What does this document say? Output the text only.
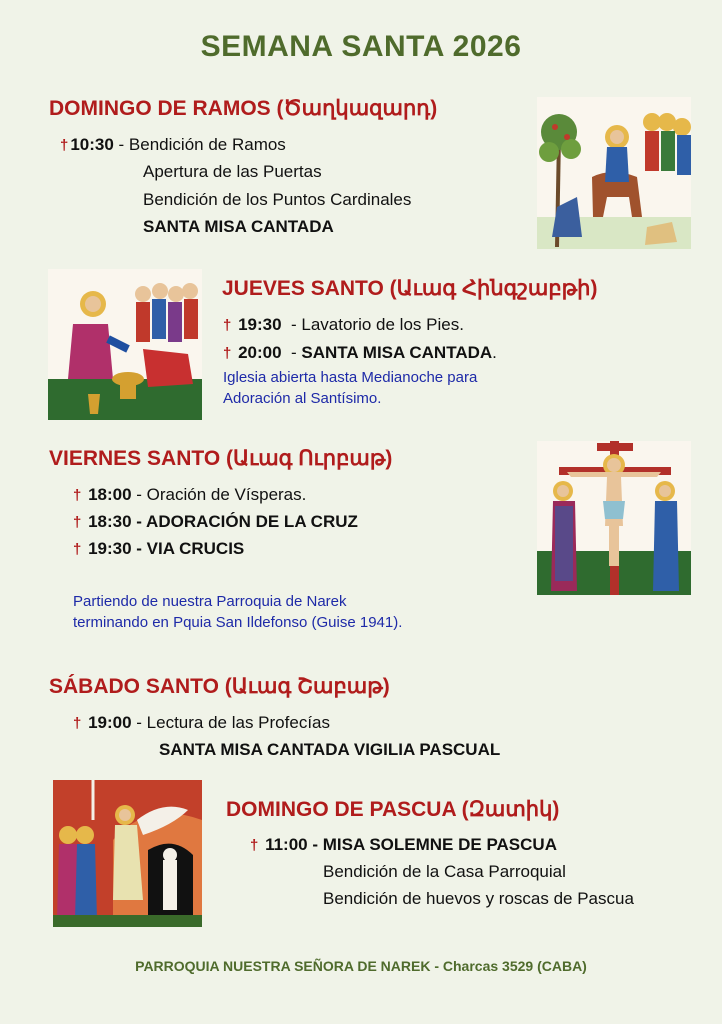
SEMANA SANTA 2026
DOMINGO DE RAMOS (Ծաղկազարդ)
† 10:30 - Bendición de Ramos
Apertura de las Puertas
Bendición de los Puntos Cardinales
SANTA MISA CANTADA
JUEVES SANTO (Աւագ Հինգշաբթի)
† 19:30  - Lavatorio de los Pies.
† 20:00  - SANTA MISA CANTADA.
Iglesia abierta hasta Medianoche para
Adoración al Santísimo.
VIERNES SANTO (Աւագ Ուրբաթ)
† 18:00 - Oración de Vísperas.
† 18:30 - ADORACIÓN DE LA CRUZ
† 19:30 - VIA CRUCIS
Partiendo de nuestra Parroquia de Narek
terminando en Pquia San Ildefonso (Guise 1941).
SÁBADO SANTO (Աւագ Շաբաթ)
† 19:00 - Lectura de las Profecías
SANTA MISA CANTADA VIGILIA PASCUAL
DOMINGO DE PASCUA (Զատիկ)
† 11:00 - MISA SOLEMNE DE PASCUA
Bendición de la Casa Parroquial
Bendición de huevos y roscas de Pascua
PARROQUIA NUESTRA SEÑORA DE NAREK - Charcas 3529 (CABA)
